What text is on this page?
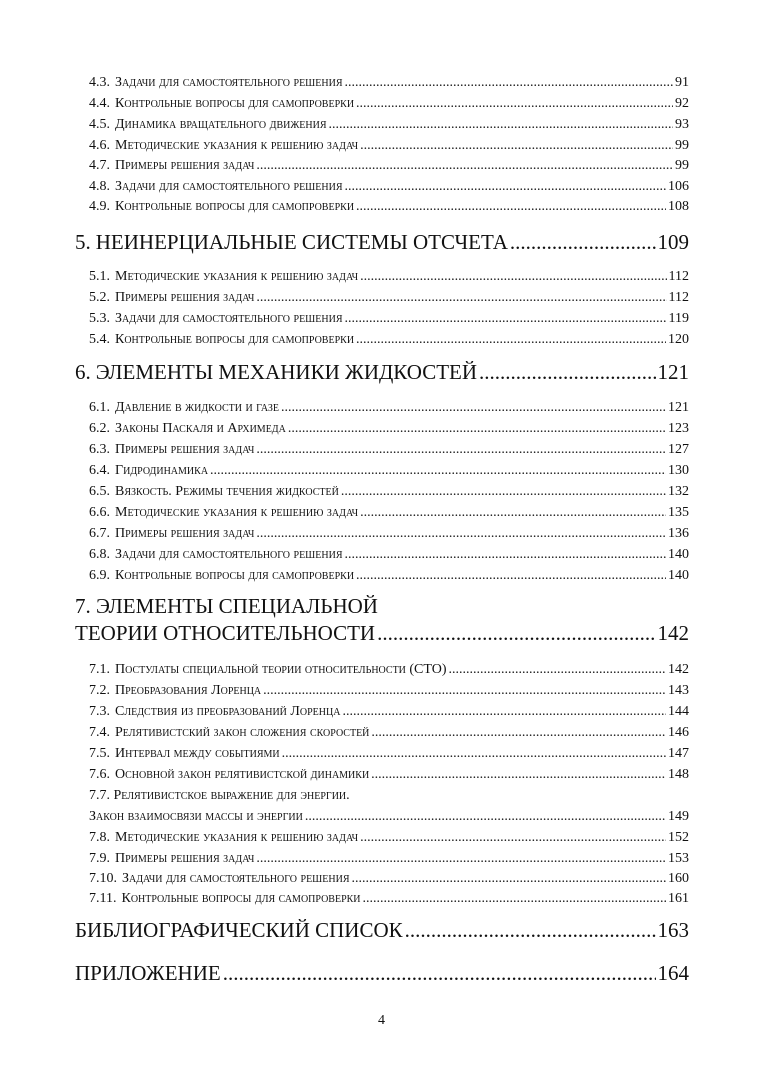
4.3. Задачи для самостоятельного решения .....	91
4.4. Контрольные вопросы для самопроверки .....	92
4.5. Динамика вращательного движения .....	93
4.6. Методические указания к решению задач .....	99
4.7. Примеры решения задач .....	99
4.8. Задачи для самостоятельного решения .....	106
4.9. Контрольные вопросы для самопроверки .....	108
5. НЕИНЕРЦИАЛЬНЫЕ СИСТЕМЫ ОТСЧЕТА .....	109
5.1. Методические указания к решению задач .....	112
5.2. Примеры решения задач .....	112
5.3. Задачи для самостоятельного решения .....	119
5.4. Контрольные вопросы для самопроверки .....	120
6. ЭЛЕМЕНТЫ МЕХАНИКИ ЖИДКОСТЕЙ .....	121
6.1. Давление в жидкости и газе .....	121
6.2. Законы Паскаля и Архимеда .....	123
6.3. Примеры решения задач .....	127
6.4. Гидродинамика .....	130
6.5. Вязкость. Режимы течения жидкостей .....	132
6.6. Методические указания к решению задач .....	135
6.7. Примеры решения задач .....	136
6.8. Задачи для самостоятельного решения .....	140
6.9. Контрольные вопросы для самопроверки .....	140
7. ЭЛЕМЕНТЫ СПЕЦИАЛЬНОЙ
ТЕОРИИ ОТНОСИТЕЛЬНОСТИ .....	142
7.1. Постулаты специальной теории относительности (СТО) .....	142
7.2. Преобразования Лоренца .....	143
7.3. Следствия из преобразований Лоренца .....	144
7.4. Релятивистский закон сложения скоростей .....	146
7.5. Интервал между событиями .....	147
7.6. Основной закон релятивистской динамики .....	148
7.7. Релятивистское выражение для энергии.
Закон взаимосвязи массы и энергии .....	149
7.8. Методические указания к решению задач .....	152
7.9. Примеры решения задач .....	153
7.10. Задачи для самостоятельного решения .....	160
7.11. Контрольные вопросы для самопроверки .....	161
БИБЛИОГРАФИЧЕСКИЙ СПИСОК .....	163
ПРИЛОЖЕНИЕ .....	164
4
